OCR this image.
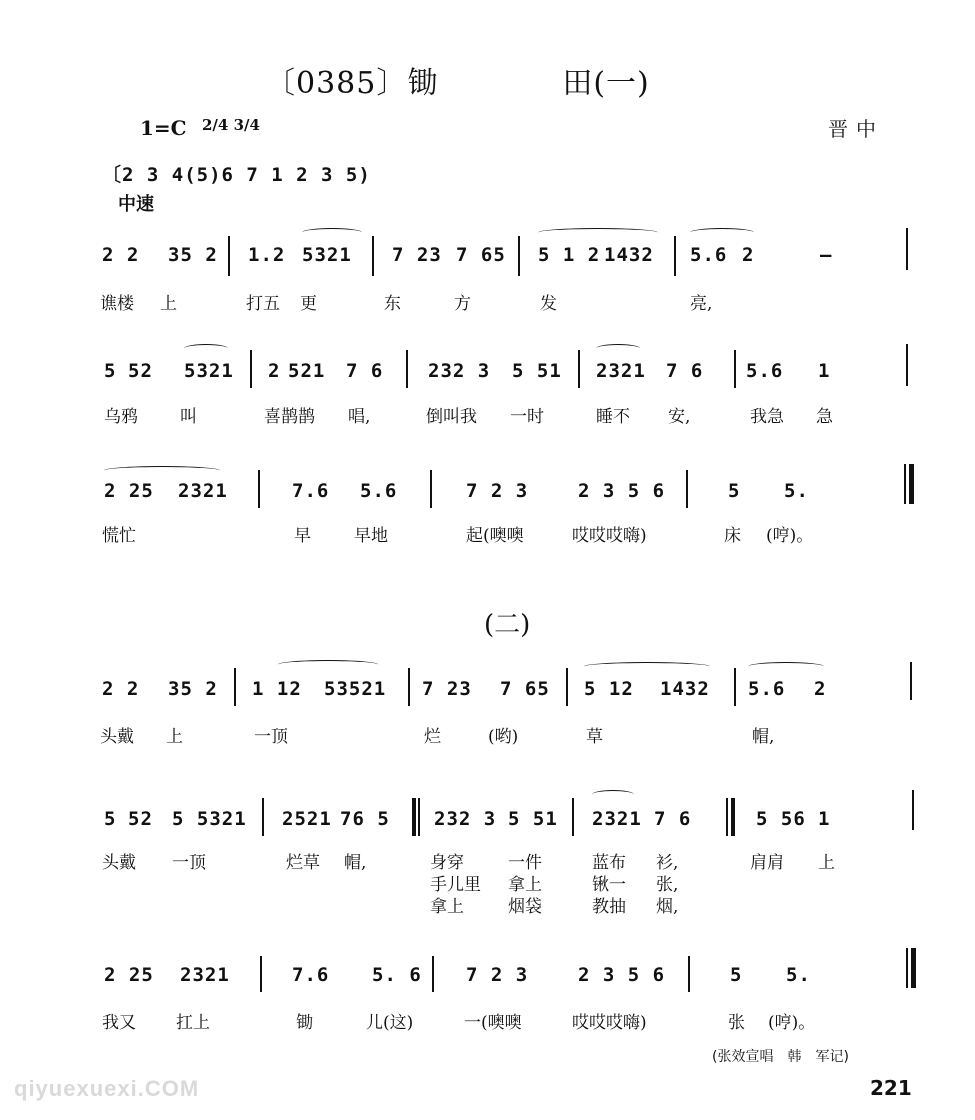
〔0385〕锄　　　　田(一)
1=C 2/4 3/4	晋中
〔2 3 4(5)6 7 1 2 3 5)
中速
2 2 35 2 1.2 5321 7 23 7 65 5 1 2 1432 5.6 2	–
谯楼 上	打五 更	东	方	发	亮,
5 52 5321 2 521 7 6 232 3 5 51 2321 7 6 5.6 1
乌鸦 叫	喜鹊鹊 唱,	倒叫我 一时	睡不 安,	我急 急
2 25 2321	7.6 5.6	7 2 3	2 3 5 6	5 5.
慌忙	早	早地	起(噢噢	哎哎哎嗨)	床 (哼)。
(二)
2 2 35 2 1 12 53521 7 23 7 65 5 12 1432 5.6 2
头戴 上	一顶	烂	(哟)	草	帽,
5 52 5 5321 2521 76 5 232 3 5 51 2321 7 6	5 56 1
头戴 一顶	烂草 帽,	身穿	一件	蓝布 衫,	肩肩 上
手儿里 拿上	锹一 张,
拿上	烟袋	教抽 烟,
2 25 2321	7.6 5. 6 7 2 3	2 3 5 6	5 5.
我又 扛上	锄	儿(这)	一(噢噢	哎哎哎嗨)	张 (哼)。
(张效宣唱　韩　军记)
221
qiyuexuexi.COM
